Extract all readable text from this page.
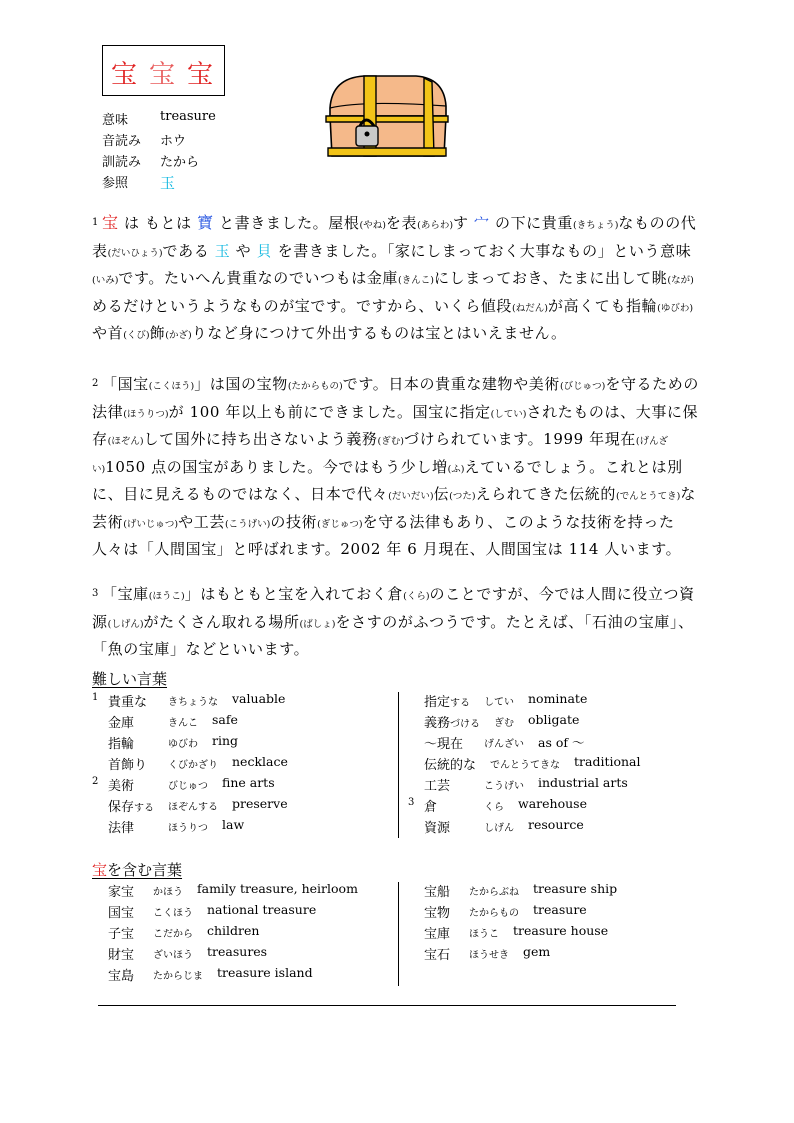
宝 宝 宝
意味	treasure
音読み	ホウ
訓読み	たから
参照	玉

$^1$ 宝 は もとは 寶 と書きました。屋根(やね)を表(あらわ)す 宀 の下に貴重(きちょう)なものの代表(だいひょう)である 玉 や 貝 を書きました。「家にしまっておく大事なもの」という意味(いみ)です。たいへん貴重なのでいつもは金庫(きんこ)にしまっておき、たまに出して眺(なが)めるだけというようなものが宝です。ですから、いくら値段(ねだん)が高くても指輪(ゆびわ)や首(くび)飾(かざ)りなど身につけて外出するものは宝とはいえません。

$^2$ 「国宝(こくほう)」は国の宝物(たからもの)です。日本の貴重な建物や美術(びじゅつ)を守るための法律(ほうりつ)が 100 年以上も前にできました。国宝に指定(してい)されたものは、大事に保存(ほぞん)して国外に持ち出さないよう義務(ぎむ)づけられています。1999 年現在(げんざい)1050 点の国宝がありました。今ではもう少し増(ふ)えているでしょう。これとは別に、目に見えるものではなく、日本で代々(だいだい)伝(つた)えられてきた伝統的(でんとうてき)な芸術(げいじゅつ)や工芸(こうげい)の技術(ぎじゅつ)を守る法律もあり、このような技術を持った人々は「人間国宝」と呼ばれます。2002 年 6 月現在、人間国宝は 114 人います。

$^3$ 「宝庫(ほうこ)」はもともと宝を入れておく倉(くら)のことですが、今では人間に役立つ資源(しげん)がたくさん取れる場所(ばしょ)をさすのがふつうです。たとえば、「石油の宝庫」、「魚の宝庫」などといいます。

難しい言葉
1 貴重な きちょうな valuable
金庫	きんこ safe
指輪	ゆびわ ring
首飾り くびかざり necklace
2 美術	びじゅつ fine arts
保存する ほぞんする preserve
法律	ほうりつ law
指定する してい nominate
義務づける ぎむ obligate
～現在 げんざい as of ～
伝統的な でんとうてきな traditional
工芸	こうげい industrial arts
3 倉	くら warehouse
資源	しげん resource
宝を含む言葉
家宝 かほう family treasure, heirloom
国宝 こくほう national treasure
子宝 こだから children
財宝 ざいほう treasures
宝島 たからじま treasure island
宝船 たからぶね treasure ship
宝物 たからもの treasure
宝庫 ほうこ treasure house
宝石 ほうせき gem
